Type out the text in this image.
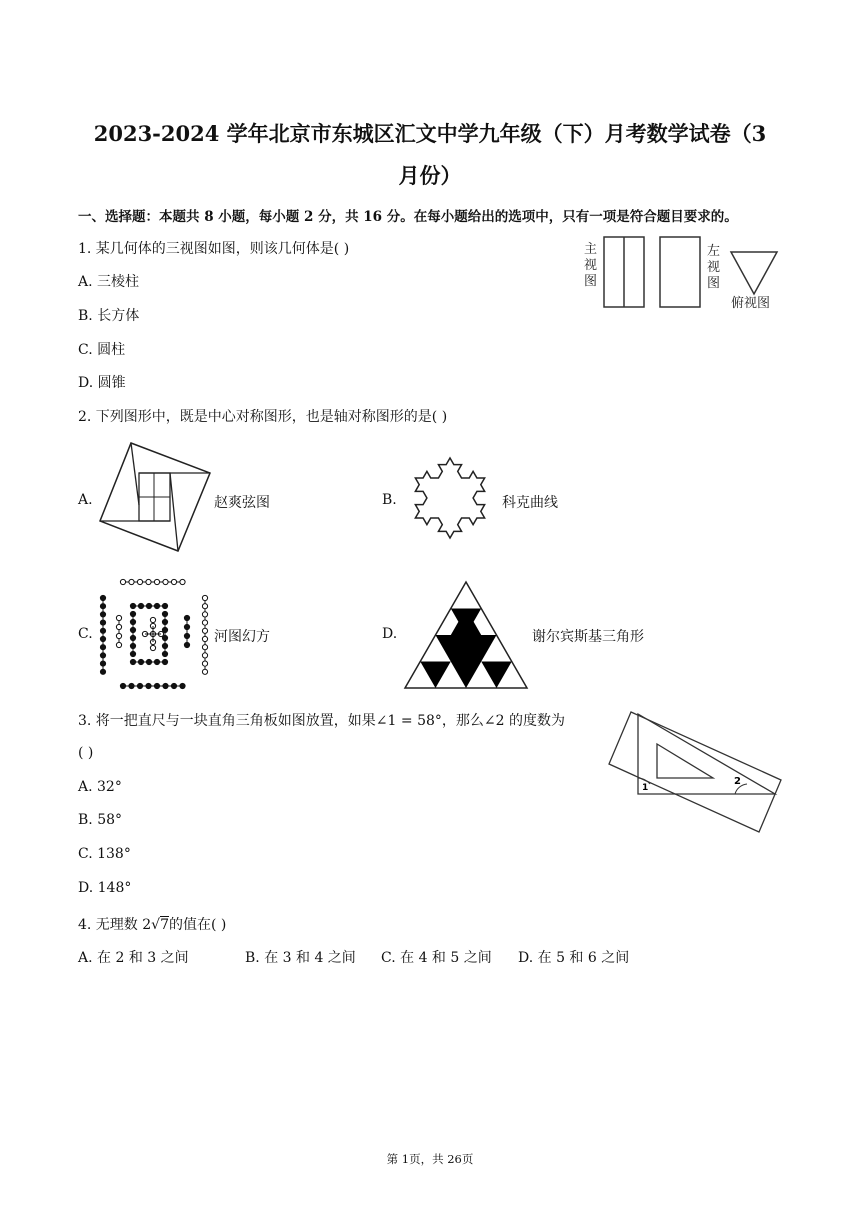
2023-2024 学年北京市东城区汇文中学九年级（下）月考数学试卷（3
月份）
一、选择题：本题共 8 小题，每小题 2 分，共 16 分。在每小题给出的选项中，只有一项是符合题目要求的。
1. 某几何体的三视图如图，则该几何体是( )
A. 三棱柱
B. 长方体
C. 圆柱
D. 圆锥
主
视
图
左
视
图
俯视图
2. 下列图形中，既是中心对称图形，也是轴对称图形的是( )
A.	赵爽弦图	B.	科克曲线
C.	河图幻方	D.	谢尔宾斯基三角形
3. 将一把直尺与一块直角三角板如图放置，如果∠1 = 58°，那么∠2 的度数为
( )
A. 32°
B. 58°
C. 138°
D. 148°
1
2
4. 无理数 2√7的值在( )
A. 在 2 和 3 之间	B. 在 3 和 4 之间 C. 在 4 和 5 之间 D. 在 5 和 6 之间
第 1页，共 26页
